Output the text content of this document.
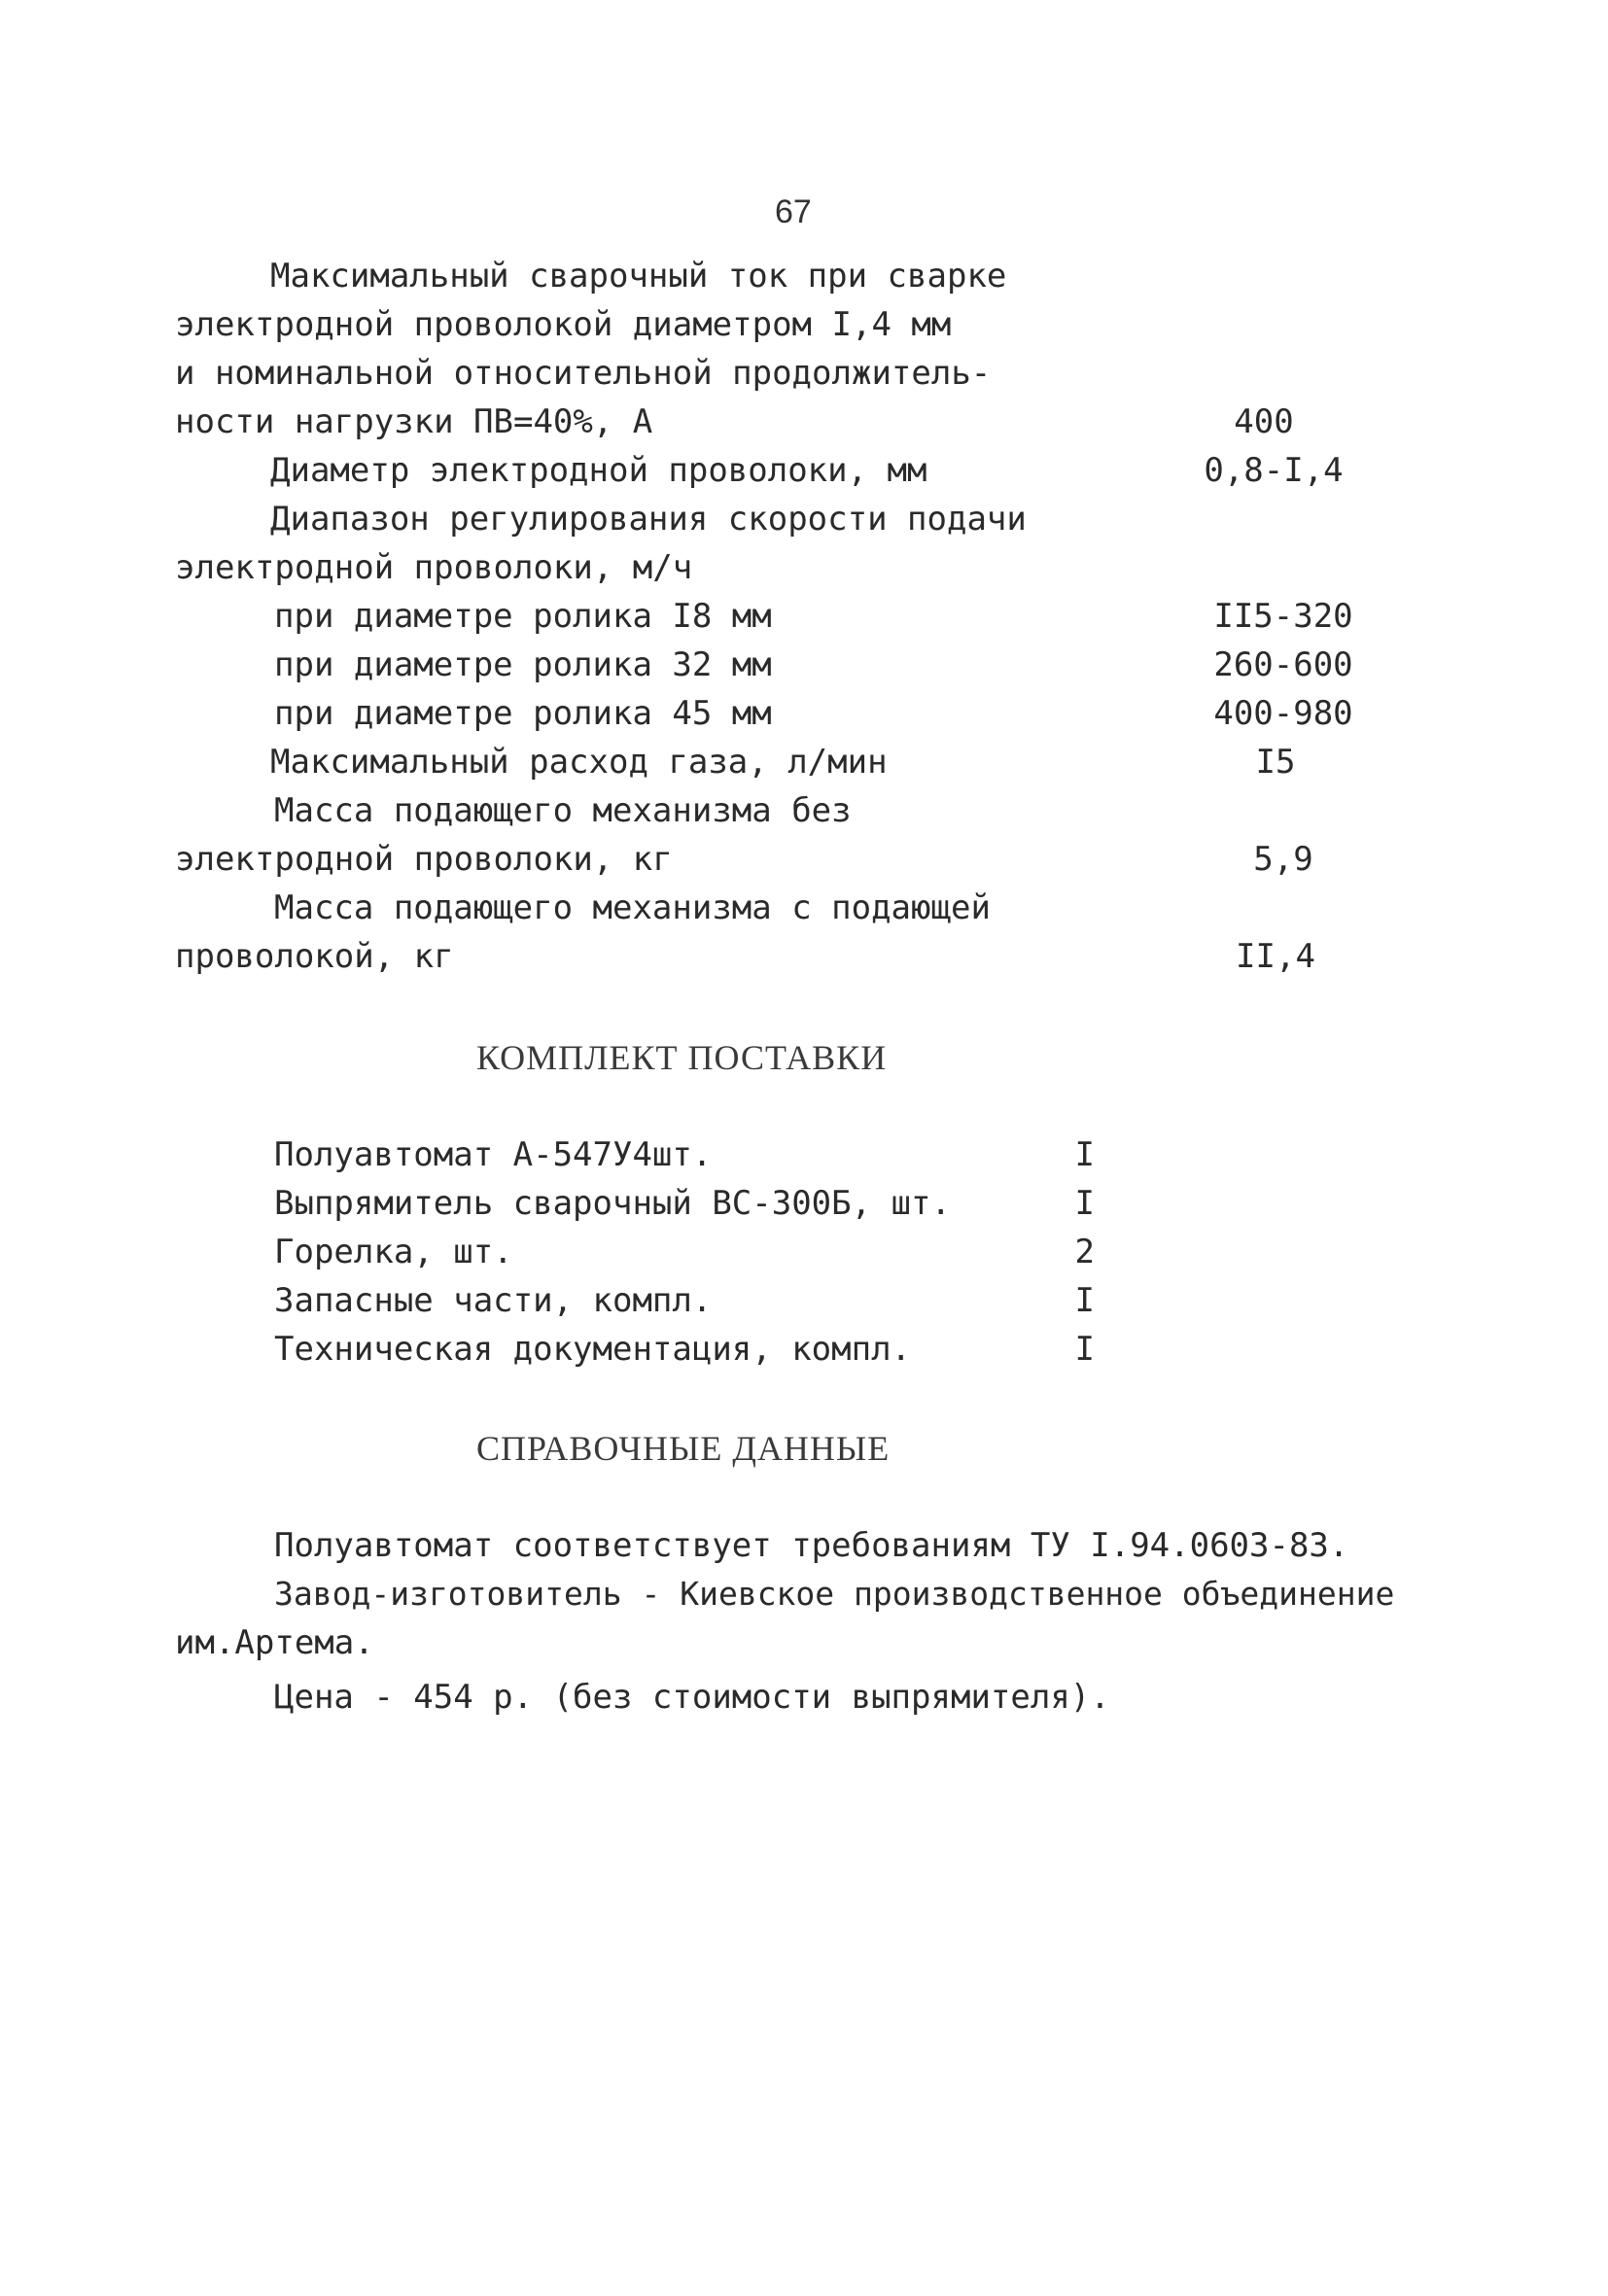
67
Максимальный сварочный ток при сварке
электродной проволокой диаметром I,4 мм
и номинальной относительной продолжитель-
ности нагрузки ПВ=40%, А	400
Диаметр электродной проволоки, мм	0,8-I,4
Диапазон регулирования скорости подачи
электродной проволоки, м/ч
при диаметре ролика I8 мм	II5-320
при диаметре ролика 32 мм	260-600
при диаметре ролика 45 мм	400-980
Максимальный расход газа, л/мин	I5
Масса подающего механизма без
электродной проволоки, кг	5,9
Масса подающего механизма с подающей
проволокой, кг	II,4
КОМПЛЕКТ ПОСТАВКИ
Полуавтомат А-547У4шт.	I
Выпрямитель сварочный ВС-300Б, шт.	I
Горелка, шт.	2
Запасные части, компл.	I
Техническая документация, компл.	I
СПРАВОЧНЫЕ ДАННЫЕ
Полуавтомат соответствует требованиям ТУ I.94.0603-83.
Завод-изготовитель - Киевское производственное объединение
им.Артема.
Цена - 454 р. (без стоимости выпрямителя).
